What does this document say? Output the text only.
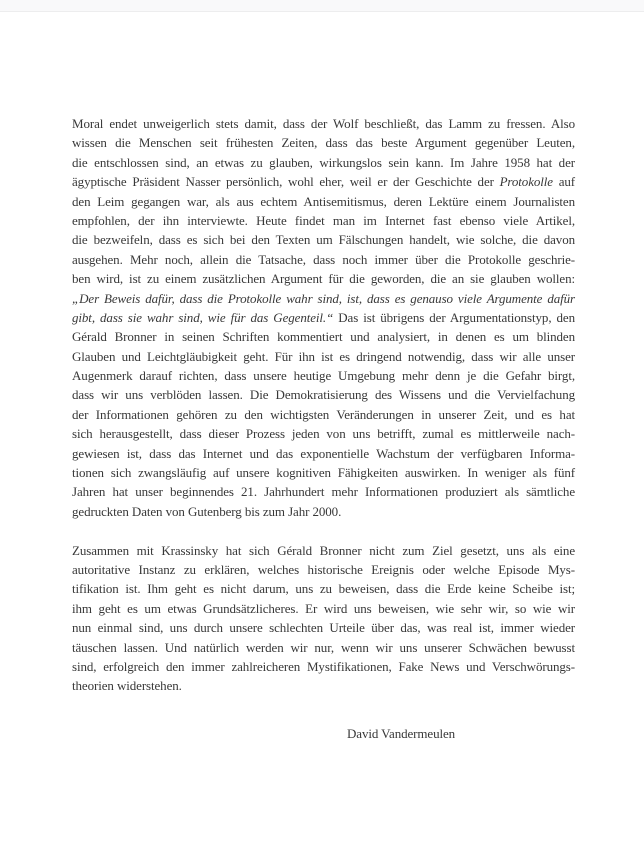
Moral endet unweigerlich stets damit, dass der Wolf beschließt, das Lamm zu fressen. Also
wissen die Menschen seit frühesten Zeiten, dass das beste Argument gegenüber Leuten,
die entschlossen sind, an etwas zu glauben, wirkungslos sein kann. Im Jahre 1958 hat der
ägyptische Präsident Nasser persönlich, wohl eher, weil er der Geschichte der Protokolle auf
den Leim gegangen war, als aus echtem Antisemitismus, deren Lektüre einem Journalisten
empfohlen, der ihn interviewte. Heute findet man im Internet fast ebenso viele Artikel,
die bezweifeln, dass es sich bei den Texten um Fälschungen handelt, wie solche, die davon
ausgehen. Mehr noch, allein die Tatsache, dass noch immer über die Protokolle geschrie-
ben wird, ist zu einem zusätzlichen Argument für die geworden, die an sie glauben wollen:
„Der Beweis dafür, dass die Protokolle wahr sind, ist, dass es genauso viele Argumente dafür
gibt, dass sie wahr sind, wie für das Gegenteil.“ Das ist übrigens der Argumentationstyp, den
Gérald Bronner in seinen Schriften kommentiert und analysiert, in denen es um blinden
Glauben und Leichtgläubigkeit geht. Für ihn ist es dringend notwendig, dass wir alle unser
Augenmerk darauf richten, dass unsere heutige Umgebung mehr denn je die Gefahr birgt,
dass wir uns verblöden lassen. Die Demokratisierung des Wissens und die Vervielfachung
der Informationen gehören zu den wichtigsten Veränderungen in unserer Zeit, und es hat
sich herausgestellt, dass dieser Prozess jeden von uns betrifft, zumal es mittlerweile nach-
gewiesen ist, dass das Internet und das exponentielle Wachstum der verfügbaren Informa-
tionen sich zwangsläufig auf unsere kognitiven Fähigkeiten auswirken. In weniger als fünf
Jahren hat unser beginnendes 21. Jahrhundert mehr Informationen produziert als sämtliche
gedruckten Daten von Gutenberg bis zum Jahr 2000.
Zusammen mit Krassinsky hat sich Gérald Bronner nicht zum Ziel gesetzt, uns als eine
autoritative Instanz zu erklären, welches historische Ereignis oder welche Episode Mys-
tifikation ist. Ihm geht es nicht darum, uns zu beweisen, dass die Erde keine Scheibe ist;
ihm geht es um etwas Grundsätzlicheres. Er wird uns beweisen, wie sehr wir, so wie wir
nun einmal sind, uns durch unsere schlechten Urteile über das, was real ist, immer wieder
täuschen lassen. Und natürlich werden wir nur, wenn wir uns unserer Schwächen bewusst
sind, erfolgreich den immer zahlreicheren Mystifikationen, Fake News und Verschwörungs-
theorien widerstehen.
David Vandermeulen
